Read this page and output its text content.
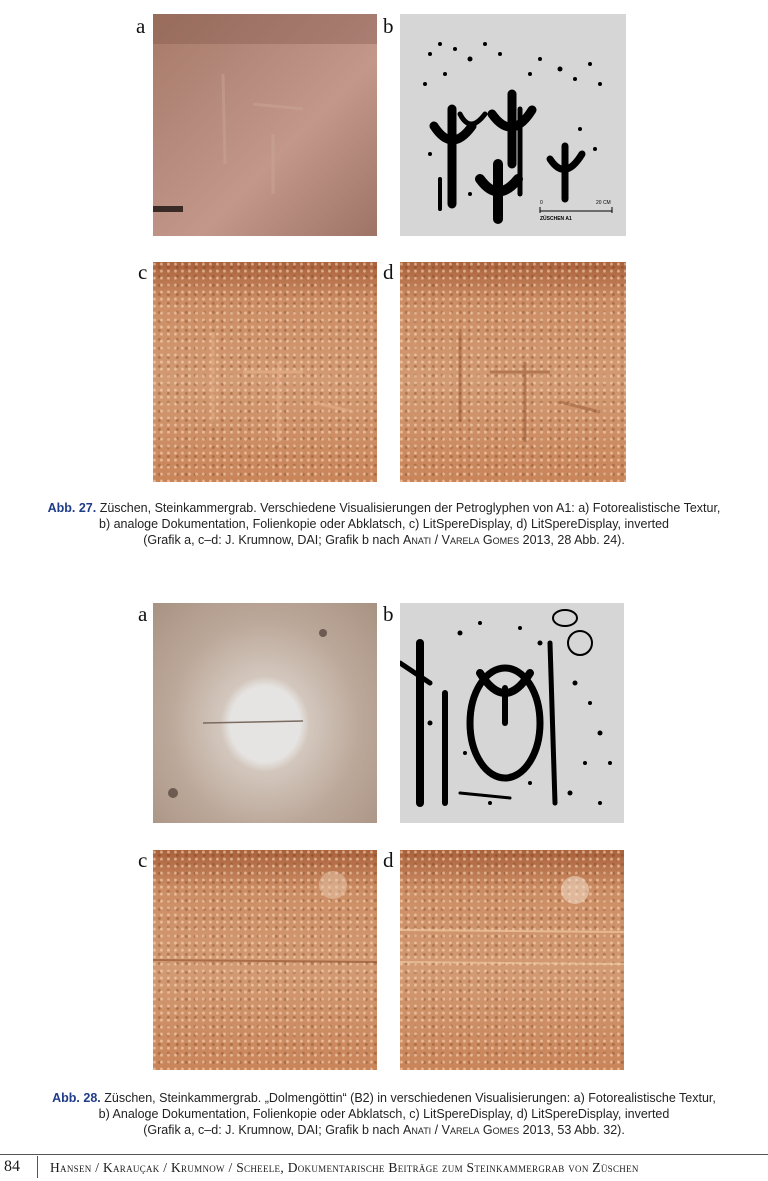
a	b
0	20 CM
ZÜSCHEN A1
c	d
Abb. 27. Züschen, Steinkammergrab. Verschiedene Visualisierungen der Petroglyphen von A1: a) Fotorealistische Textur,
b) analoge Dokumentation, Folienkopie oder Abklatsch, c) LitSpereDisplay, d) LitSpereDisplay, inverted
(Grafik a, c–d: J. Krumnow, DAI; Grafik b nach Anati / Varela Gomes 2013, 28 Abb. 24).
a	b
c	d
Abb. 28. Züschen, Steinkammergrab. „Dolmengöttin“ (B2) in verschiedenen Visualisierungen: a) Fotorealistische Textur,
b) Analoge Dokumentation, Folienkopie oder Abklatsch, c) LitSpereDisplay, d) LitSpereDisplay, inverted
(Grafik a, c–d: J. Krumnow, DAI; Grafik b nach Anati / Varela Gomes 2013, 53 Abb. 32).
84 Hansen / Karauçak / Krumnow / Scheele, Dokumentarische Beiträge zum Steinkammergrab von Züschen
